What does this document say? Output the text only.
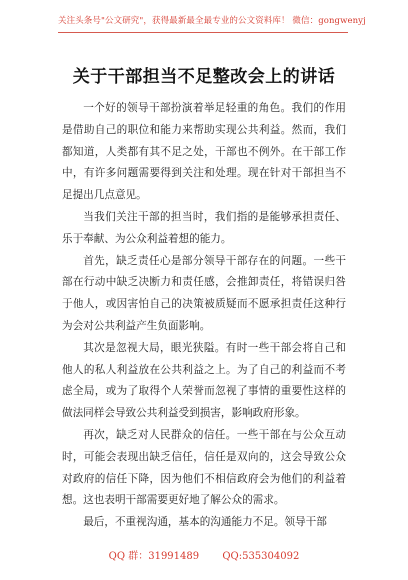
关注头条号"公文研究"，获得最新最全最专业的公文资料库！ 微信：gongwenyj
关于干部担当不足整改会上的讲话

一个好的领导干部扮演着举足轻重的角色。我们的作用是借助自己的职位和能力来帮助实现公共利益。然而，我们都知道，人类都有其不足之处，干部也不例外。在干部工作中，有许多问题需要得到关注和处理。现在针对干部担当不足提出几点意见。

当我们关注干部的担当时，我们指的是能够承担责任、乐于奉献、为公众利益着想的能力。

首先，缺乏责任心是部分领导干部存在的问题。一些干部在行动中缺乏决断力和责任感，会推卸责任，将错误归咎于他人，或因害怕自己的决策被质疑而不愿承担责任这种行为会对公共利益产生负面影响。

其次是忽视大局，眼光狭隘。有时一些干部会将自己和他人的私人利益放在公共利益之上。为了自己的利益而不考虑全局，或为了取得个人荣誉而忽视了事情的重要性这样的做法同样会导致公共利益受到损害，影响政府形象。

再次，缺乏对人民群众的信任。一些干部在与公众互动时，可能会表现出缺乏信任，信任是双向的，这会导致公众对政府的信任下降，因为他们不相信政府会为他们的利益着想。这也表明干部需要更好地了解公众的需求。

最后，不重视沟通，基本的沟通能力不足。领导干部

QQ 群：31991489 QQ:535304092
